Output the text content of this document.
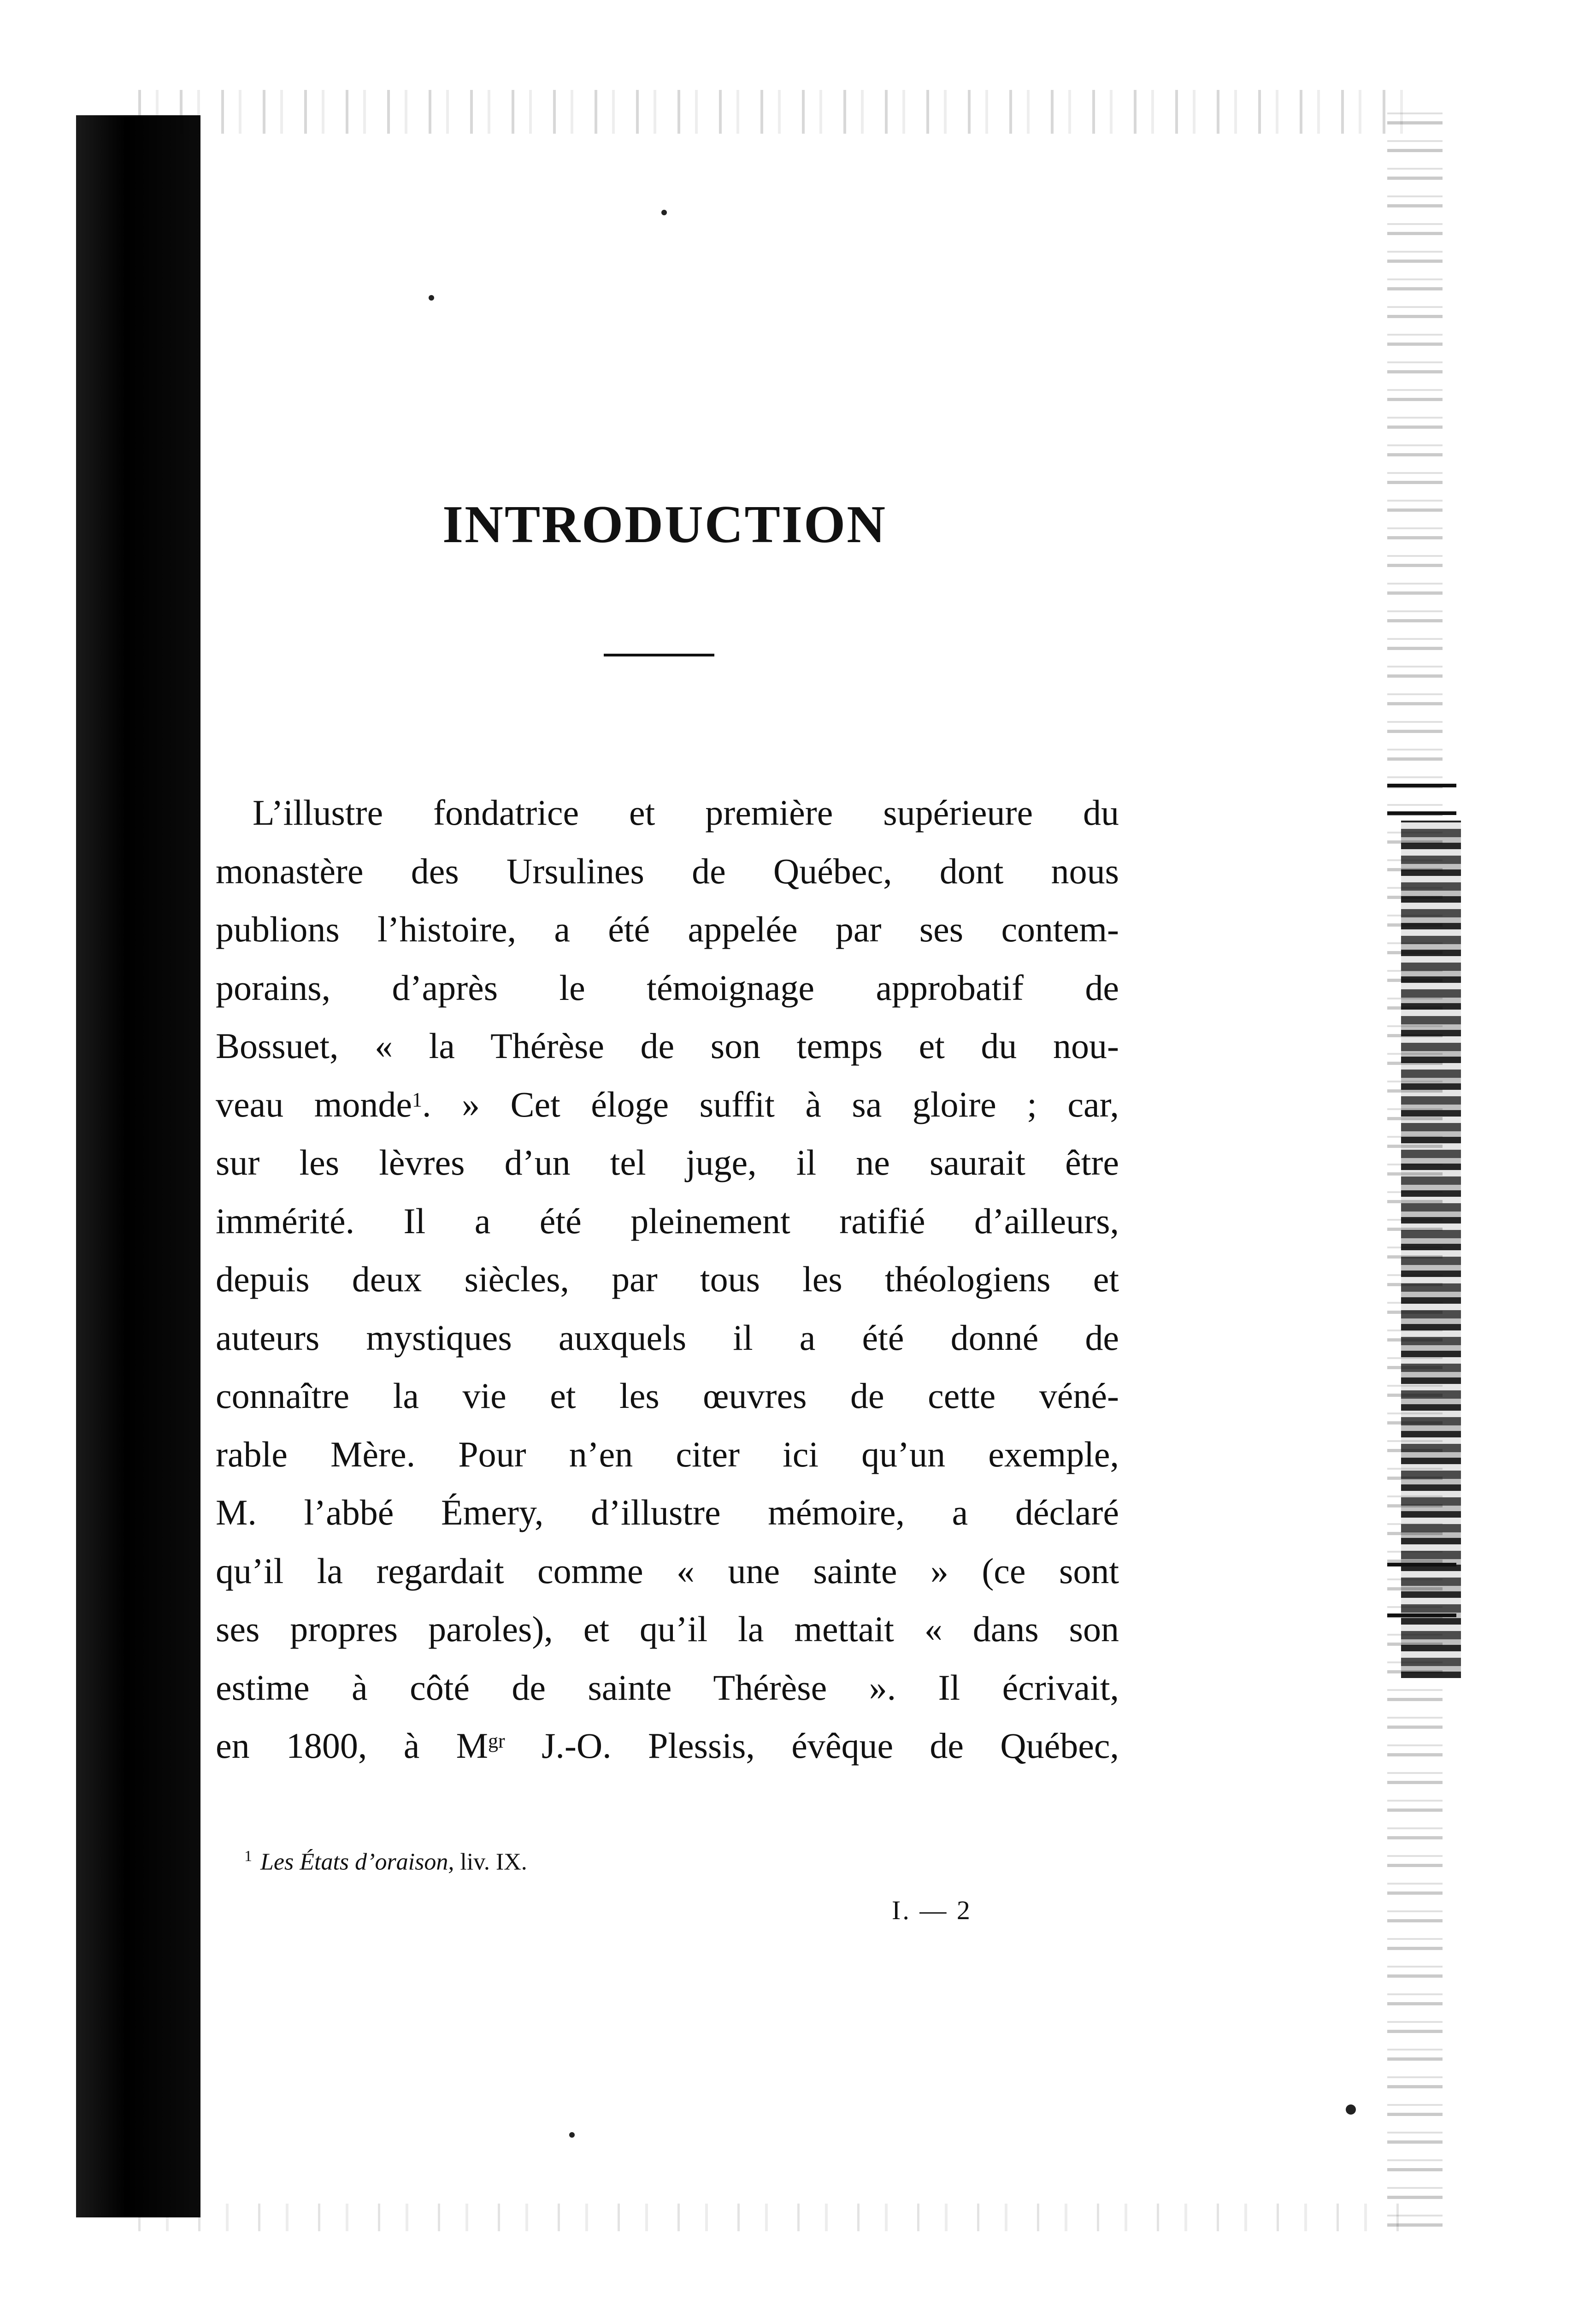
INTRODUCTION

L’illustre fondatrice et première supérieure du
monastère des Ursulines de Québec, dont nous
publions l’histoire, a été appelée par ses contem-
porains, d’après le témoignage approbatif de
Bossuet, « la Thérèse de son temps et du nou-
veau monde$^1$. » Cet éloge suffit à sa gloire ; car,
sur les lèvres d’un tel juge, il ne saurait être
immérité. Il a été pleinement ratifié d’ailleurs,
depuis deux siècles, par tous les théologiens et
auteurs mystiques auxquels il a été donné de
connaître la vie et les œuvres de cette véné-
rable Mère. Pour n’en citer ici qu’un exemple,
M. l’abbé Émery, d’illustre mémoire, a déclaré
qu’il la regardait comme « une sainte » (ce sont
ses propres paroles), et qu’il la mettait « dans son
estime à côté de sainte Thérèse ». Il écrivait,
en 1800, à $M^{gr}$ J.-O. Plessis, évêque de Québec,

$^1$ Les États d’oraison, liv. IX.
I. — 2
